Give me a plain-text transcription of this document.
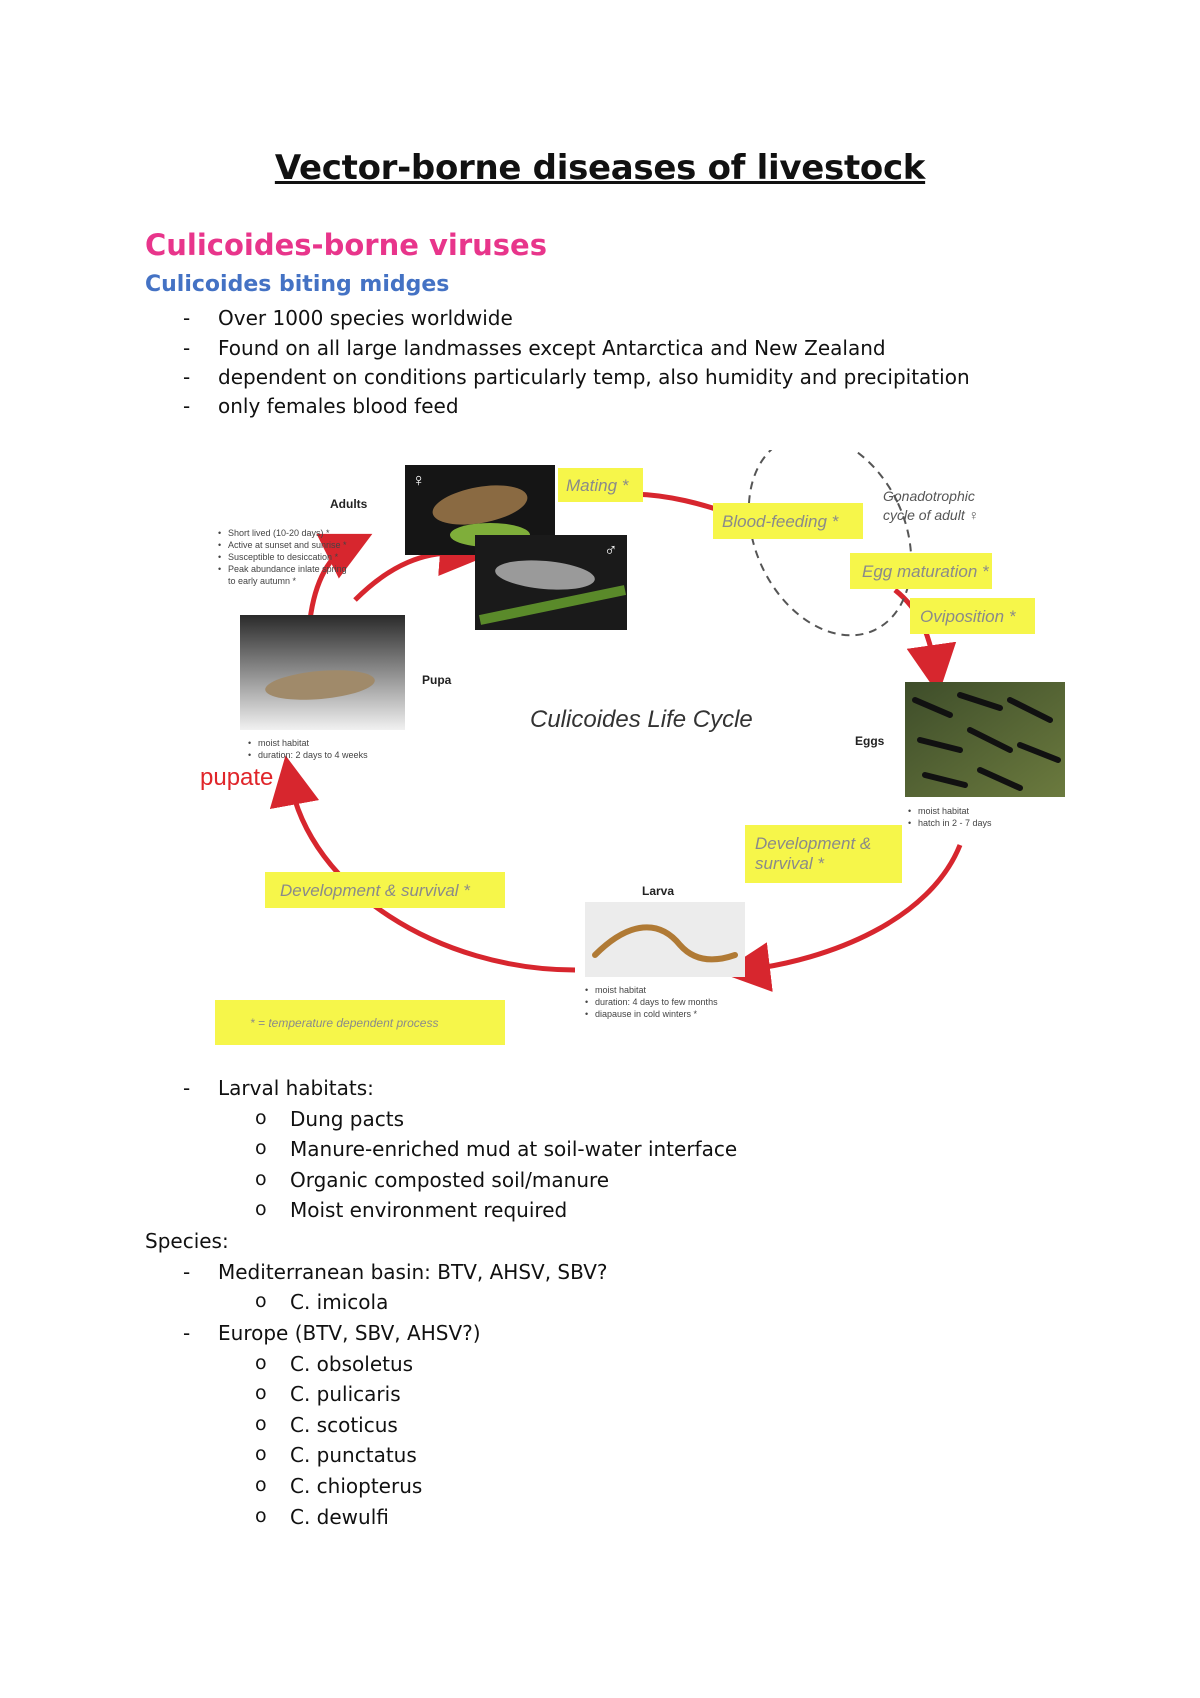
Vector-borne diseases of livestock
Culicoides-borne viruses
Culicoides biting midges
- Over 1000 species worldwide
- Found on all large landmasses except Antarctica and New Zealand
- dependent on conditions particularly temp, also humidity and precipitation
- only females blood feed
♀
♂
Adults
• Short lived (10-20 days) *
• Active at sunset and sunrise *
• Susceptible to desiccation *
• Peak abundance inlate spring
to early autumn *
Mating *
Blood-feeding *
Gonadotrophic
cycle of adult ♀
Egg maturation *
Oviposition *
Eggs
• moist habitat
• hatch in 2 - 7 days
Development &
survival *
Larva
• moist habitat
• duration: 4 days to few months
• diapause in cold winters *
Development & survival *
pupate
Pupa
• moist habitat
• duration: 2 days to 4 weeks
Culicoides Life Cycle
* = temperature dependent process
- Larval habitats:
o Dung pacts
o Manure-enriched mud at soil-water interface
o Organic composted soil/manure
o Moist environment required
Species:
- Mediterranean basin: BTV, AHSV, SBV?
o C. imicola
- Europe (BTV, SBV, AHSV?)
o C. obsoletus
o C. pulicaris
o C. scoticus
o C. punctatus
o C. chiopterus
o C. dewulfi
